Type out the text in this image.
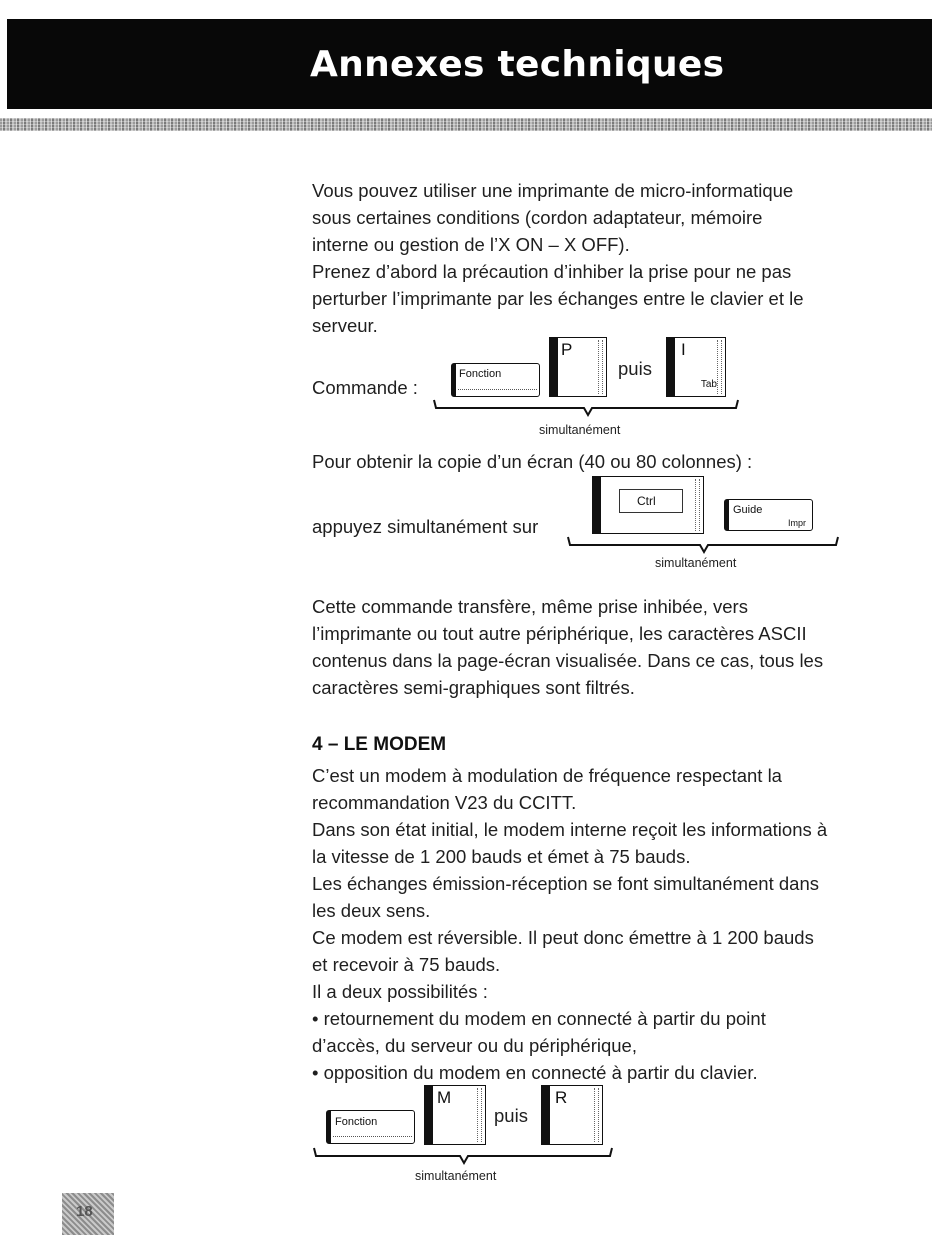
Annexes techniques
Vous pouvez utiliser une imprimante de micro-informatique
sous certaines conditions (cordon adaptateur, mémoire
interne ou gestion de l’X ON – X OFF).
Prenez d’abord la précaution d’inhiber la prise pour ne pas
perturber l’imprimante par les échanges entre le clavier et le
serveur.
Commande :
Fonction
P
puis
I
Tab
simultanément
Pour obtenir la copie d’un écran (40 ou 80 colonnes) :
appuyez simultanément sur
Ctrl
Guide
Impr
simultanément
Cette commande transfère, même prise inhibée, vers
l’imprimante ou tout autre périphérique, les caractères ASCII
contenus dans la page-écran visualisée. Dans ce cas, tous les
caractères semi-graphiques sont filtrés.
4 – LE MODEM
C’est un modem à modulation de fréquence respectant la
recommandation V23 du CCITT.
Dans son état initial, le modem interne reçoit les informations à
la vitesse de 1 200 bauds et émet à 75 bauds.
Les échanges émission-réception se font simultanément dans
les deux sens.
Ce modem est réversible. Il peut donc émettre à 1 200 bauds
et recevoir à 75 bauds.
Il a deux possibilités :
• retournement du modem en connecté à partir du point
d’accès, du serveur ou du périphérique,
• opposition du modem en connecté à partir du clavier.
Fonction
M
puis
R
simultanément
18
